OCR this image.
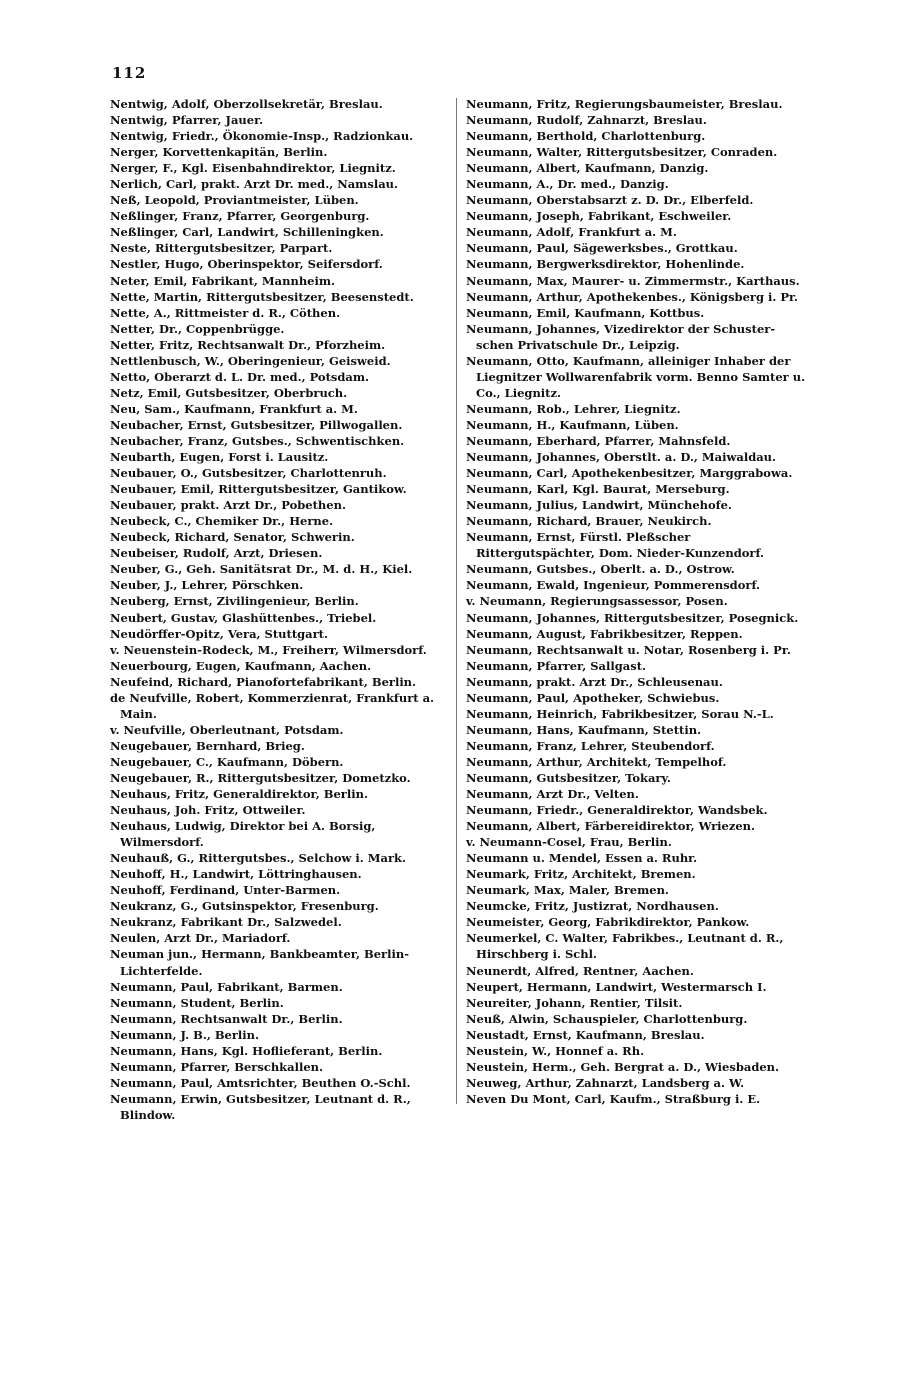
112

Nentwig, Adolf, Oberzollsekretär, Breslau.

Nentwig, Pfarrer, Jauer.

Nentwig, Friedr., Ökonomie-Insp., Radzionkau.

Nerger, Korvettenkapitän, Berlin.

Nerger, F., Kgl. Eisenbahndirektor, Liegnitz.

Nerlich, Carl, prakt. Arzt Dr. med., Namslau.

Neß, Leopold, Proviantmeister, Lüben.

Neßlinger, Franz, Pfarrer, Georgenburg.

Neßlinger, Carl, Landwirt, Schilleningken.

Neste, Rittergutsbesitzer, Parpart.

Nestler, Hugo, Oberinspektor, Seifersdorf.

Neter, Emil, Fabrikant, Mannheim.

Nette, Martin, Rittergutsbesitzer, Beesenstedt.

Nette, A., Rittmeister d. R., Cöthen.

Netter, Dr., Coppenbrügge.

Netter, Fritz, Rechtsanwalt Dr., Pforzheim.

Nettlenbusch, W., Oberingenieur, Geisweid.

Netto, Oberarzt d. L. Dr. med., Potsdam.

Netz, Emil, Gutsbesitzer, Oberbruch.

Neu, Sam., Kaufmann, Frankfurt a. M.

Neubacher, Ernst, Gutsbesitzer, Pillwogallen.

Neubacher, Franz, Gutsbes., Schwentischken.

Neubarth, Eugen, Forst i. Lausitz.

Neubauer, O., Gutsbesitzer, Charlottenruh.

Neubauer, Emil, Rittergutsbesitzer, Gantikow.

Neubauer, prakt. Arzt Dr., Pobethen.

Neubeck, C., Chemiker Dr., Herne.

Neubeck, Richard, Senator, Schwerin.

Neubeiser, Rudolf, Arzt, Driesen.

Neuber, G., Geh. Sanitätsrat Dr., M. d. H., Kiel.

Neuber, J., Lehrer, Pörschken.

Neuberg, Ernst, Zivilingenieur, Berlin.

Neubert, Gustav, Glashüttenbes., Triebel.

Neudörffer-Opitz, Vera, Stuttgart.

v. Neuenstein-Rodeck, M., Freiherr, Wilmersdorf.

Neuerbourg, Eugen, Kaufmann, Aachen.

Neufeind, Richard, Pianofortefabrikant, Berlin.

de Neufville, Robert, Kommerzienrat, Frankfurt a. Main.

v. Neufville, Oberleutnant, Potsdam.

Neugebauer, Bernhard, Brieg.

Neugebauer, C., Kaufmann, Döbern.

Neugebauer, R., Rittergutsbesitzer, Dometzko.

Neuhaus, Fritz, Generaldirektor, Berlin.

Neuhaus, Joh. Fritz, Ottweiler.

Neuhaus, Ludwig, Direktor bei A. Borsig, Wilmersdorf.

Neuhauß, G., Rittergutsbes., Selchow i. Mark.

Neuhoff, H., Landwirt, Löttringhausen.

Neuhoff, Ferdinand, Unter-Barmen.

Neukranz, G., Gutsinspektor, Fresenburg.

Neukranz, Fabrikant Dr., Salzwedel.

Neulen, Arzt Dr., Mariadorf.

Neuman jun., Hermann, Bankbeamter, Berlin-Lichterfelde.

Neumann, Paul, Fabrikant, Barmen.

Neumann, Student, Berlin.

Neumann, Rechtsanwalt Dr., Berlin.

Neumann, J. B., Berlin.

Neumann, Hans, Kgl. Hoflieferant, Berlin.

Neumann, Pfarrer, Berschkallen.

Neumann, Paul, Amtsrichter, Beuthen O.-Schl.

Neumann, Erwin, Gutsbesitzer, Leutnant d. R., Blindow.

Neumann, Fritz, Regierungsbaumeister, Breslau.

Neumann, Rudolf, Zahnarzt, Breslau.

Neumann, Berthold, Charlottenburg.

Neumann, Walter, Rittergutsbesitzer, Conraden.

Neumann, Albert, Kaufmann, Danzig.

Neumann, A., Dr. med., Danzig.

Neumann, Oberstabsarzt z. D. Dr., Elberfeld.

Neumann, Joseph, Fabrikant, Eschweiler.

Neumann, Adolf, Frankfurt a. M.

Neumann, Paul, Sägewerksbes., Grottkau.

Neumann, Bergwerksdirektor, Hohenlinde.

Neumann, Max, Maurer- u. Zimmermstr., Karthaus.

Neumann, Arthur, Apothekenbes., Königsberg i. Pr.

Neumann, Emil, Kaufmann, Kottbus.

Neumann, Johannes, Vizedirektor der Schuster-schen Privatschule Dr., Leipzig.

Neumann, Otto, Kaufmann, alleiniger Inhaber der Liegnitzer Wollwarenfabrik vorm. Benno Samter u. Co., Liegnitz.

Neumann, Rob., Lehrer, Liegnitz.

Neumann, H., Kaufmann, Lüben.

Neumann, Eberhard, Pfarrer, Mahnsfeld.

Neumann, Johannes, Oberstlt. a. D., Maiwaldau.

Neumann, Carl, Apothekenbesitzer, Marggrabowa.

Neumann, Karl, Kgl. Baurat, Merseburg.

Neumann, Julius, Landwirt, Münchehofe.

Neumann, Richard, Brauer, Neukirch.

Neumann, Ernst, Fürstl. Pleßscher Rittergutspächter, Dom. Nieder-Kunzendorf.

Neumann, Gutsbes., Oberlt. a. D., Ostrow.

Neumann, Ewald, Ingenieur, Pommerensdorf.

v. Neumann, Regierungsassessor, Posen.

Neumann, Johannes, Rittergutsbesitzer, Posegnick.

Neumann, August, Fabrikbesitzer, Reppen.

Neumann, Rechtsanwalt u. Notar, Rosenberg i. Pr.

Neumann, Pfarrer, Sallgast.

Neumann, prakt. Arzt Dr., Schleusenau.

Neumann, Paul, Apotheker, Schwiebus.

Neumann, Heinrich, Fabrikbesitzer, Sorau N.-L.

Neumann, Hans, Kaufmann, Stettin.

Neumann, Franz, Lehrer, Steubendorf.

Neumann, Arthur, Architekt, Tempelhof.

Neumann, Gutsbesitzer, Tokary.

Neumann, Arzt Dr., Velten.

Neumann, Friedr., Generaldirektor, Wandsbek.

Neumann, Albert, Färbereidirektor, Wriezen.

v. Neumann-Cosel, Frau, Berlin.

Neumann u. Mendel, Essen a. Ruhr.

Neumark, Fritz, Architekt, Bremen.

Neumark, Max, Maler, Bremen.

Neumcke, Fritz, Justizrat, Nordhausen.

Neumeister, Georg, Fabrikdirektor, Pankow.

Neumerkel, C. Walter, Fabrikbes., Leutnant d. R., Hirschberg i. Schl.

Neunerdt, Alfred, Rentner, Aachen.

Neupert, Hermann, Landwirt, Westermarsch I.

Neureiter, Johann, Rentier, Tilsit.

Neuß, Alwin, Schauspieler, Charlottenburg.

Neustadt, Ernst, Kaufmann, Breslau.

Neustein, W., Honnef a. Rh.

Neustein, Herm., Geh. Bergrat a. D., Wiesbaden.

Neuweg, Arthur, Zahnarzt, Landsberg a. W.

Neven Du Mont, Carl, Kaufm., Straßburg i. E.
